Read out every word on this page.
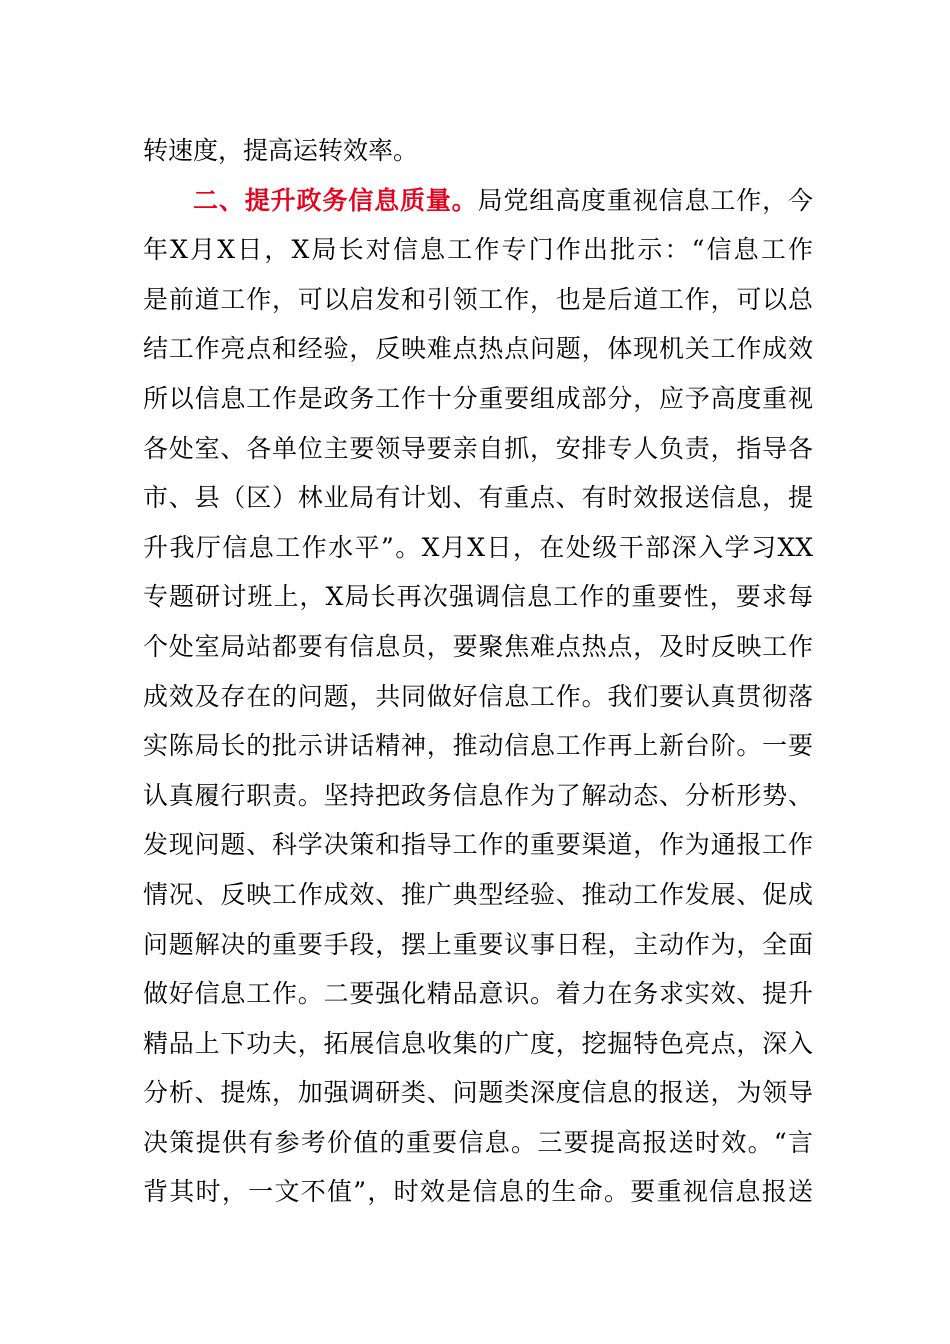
转速度，提高运转效率。
二、提升政务信息质量。局党组高度重视信息工作，今
年X月X日，X局长对信息工作专门作出批示：“信息工作
是前道工作，可以启发和引领工作，也是后道工作，可以总
结工作亮点和经验，反映难点热点问题，体现机关工作成效
所以信息工作是政务工作十分重要组成部分，应予高度重视
各处室、各单位主要领导要亲自抓，安排专人负责，指导各
市、县（区）林业局有计划、有重点、有时效报送信息，提
升我厅信息工作水平”。X月X日，在处级干部深入学习XX
专题研讨班上，X局长再次强调信息工作的重要性，要求每
个处室局站都要有信息员，要聚焦难点热点，及时反映工作
成效及存在的问题，共同做好信息工作。我们要认真贯彻落
实陈局长的批示讲话精神，推动信息工作再上新台阶。一要
认真履行职责。坚持把政务信息作为了解动态、分析形势、
发现问题、科学决策和指导工作的重要渠道，作为通报工作
情况、反映工作成效、推广典型经验、推动工作发展、促成
问题解决的重要手段，摆上重要议事日程，主动作为，全面
做好信息工作。二要强化精品意识。着力在务求实效、提升
精品上下功夫，拓展信息收集的广度，挖掘特色亮点，深入
分析、提炼，加强调研类、问题类深度信息的报送，为领导
决策提供有参考价值的重要信息。三要提高报送时效。“言
背其时，一文不值”，时效是信息的生命。要重视信息报送
